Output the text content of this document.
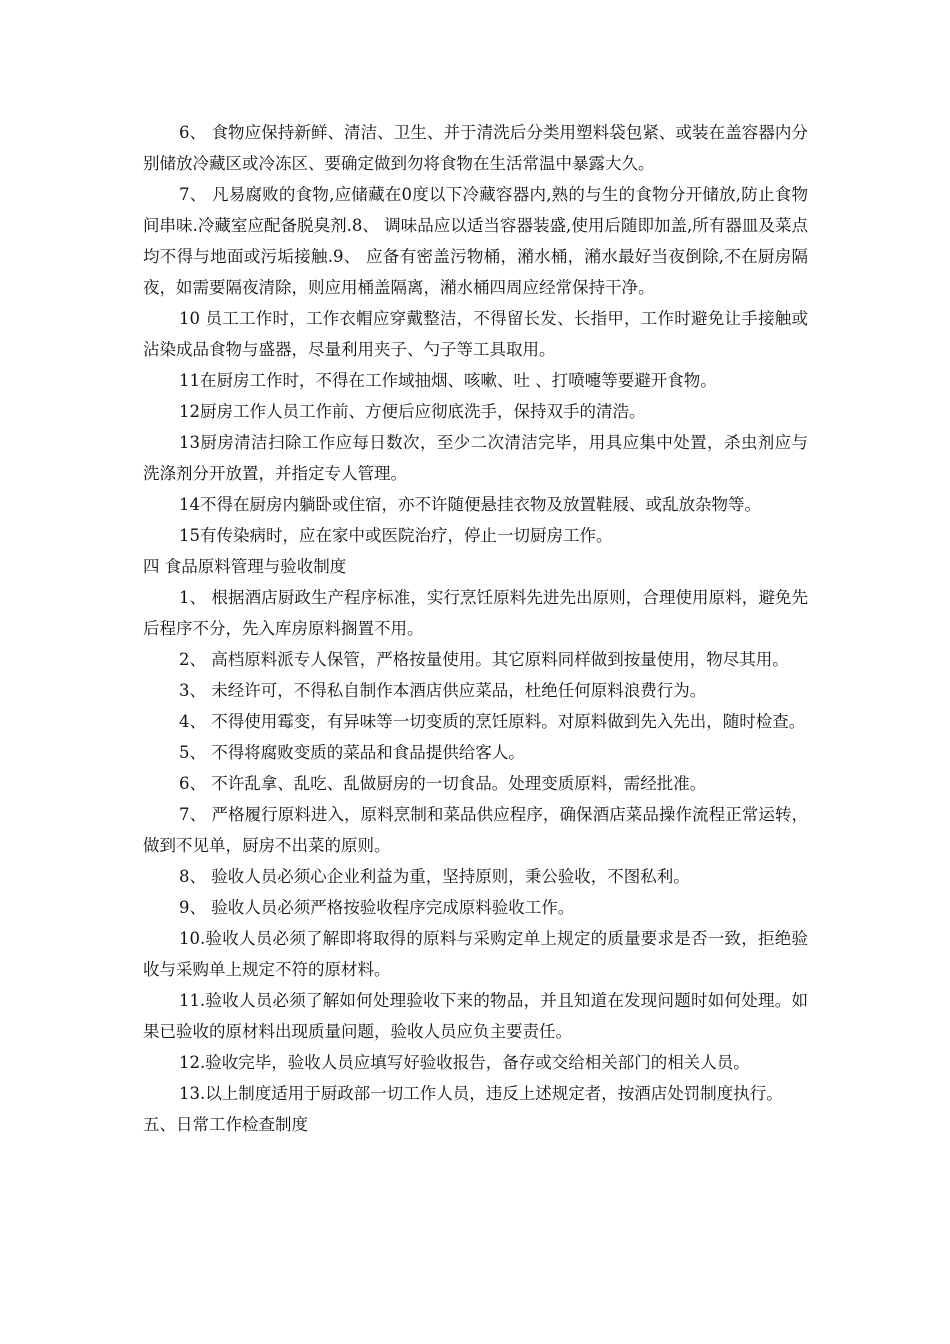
6、 食物应保持新鲜、清洁、卫生、并于清洗后分类用塑料袋包紧、或装在盖容器内分别储放冷藏区或冷冻区、要确定做到勿将食物在生活常温中暴露大久。

7、 凡易腐败的食物,应储藏在0度以下冷藏容器内,熟的与生的食物分开储放,防止食物间串味.冷藏室应配备脱臭剂.8、 调味品应以适当容器装盛,使用后随即加盖,所有器皿及菜点均不得与地面或污垢接触.9、 应备有密盖污物桶，潲水桶，潲水最好当夜倒除,不在厨房隔夜，如需要隔夜清除，则应用桶盖隔离，潲水桶四周应经常保持干净。

10 员工工作时，工作衣帽应穿戴整洁，不得留长发、长指甲，工作时避免让手接触或沾染成品食物与盛器，尽量利用夹子、勺子等工具取用。

11在厨房工作时，不得在工作域抽烟、咳嗽、吐 、打喷嚏等要避开食物。

12厨房工作人员工作前、方便后应彻底洗手，保持双手的清浩。

13厨房清洁扫除工作应每日数次，至少二次清洁完毕，用具应集中处置，杀虫剂应与洗涤剂分开放置，并指定专人管理。

14不得在厨房内躺卧或住宿，亦不许随便悬挂衣物及放置鞋屐、或乱放杂物等。

15有传染病时，应在家中或医院治疗，停止一切厨房工作。

四 食品原料管理与验收制度

1、 根据酒店厨政生产程序标准，实行烹饪原料先进先出原则，合理使用原料，避免先后程序不分，先入库房原料搁置不用。

2、 高档原料派专人保管，严格按量使用。其它原料同样做到按量使用，物尽其用。

3、 未经许可，不得私自制作本酒店供应菜品，杜绝任何原料浪费行为。

4、 不得使用霉变，有异味等一切变质的烹饪原料。对原料做到先入先出，随时检查。

5、 不得将腐败变质的菜品和食品提供给客人。

6、 不许乱拿、乱吃、乱做厨房的一切食品。处理变质原料，需经批准。

7、 严格履行原料进入，原料烹制和菜品供应程序，确保酒店菜品操作流程正常运转，做到不见单，厨房不出菜的原则。

8、 验收人员必须心企业利益为重，坚持原则，秉公验收，不图私利。

9、 验收人员必须严格按验收程序完成原料验收工作。

10.验收人员必须了解即将取得的原料与采购定单上规定的质量要求是否一致，拒绝验收与采购单上规定不符的原材料。

11.验收人员必须了解如何处理验收下来的物品，并且知道在发现问题时如何处理。如果已验收的原材料出现质量问题，验收人员应负主要责任。

12.验收完毕，验收人员应填写好验收报告，备存或交给相关部门的相关人员。

13.以上制度适用于厨政部一切工作人员，违反上述规定者，按酒店处罚制度执行。

五、日常工作检查制度
